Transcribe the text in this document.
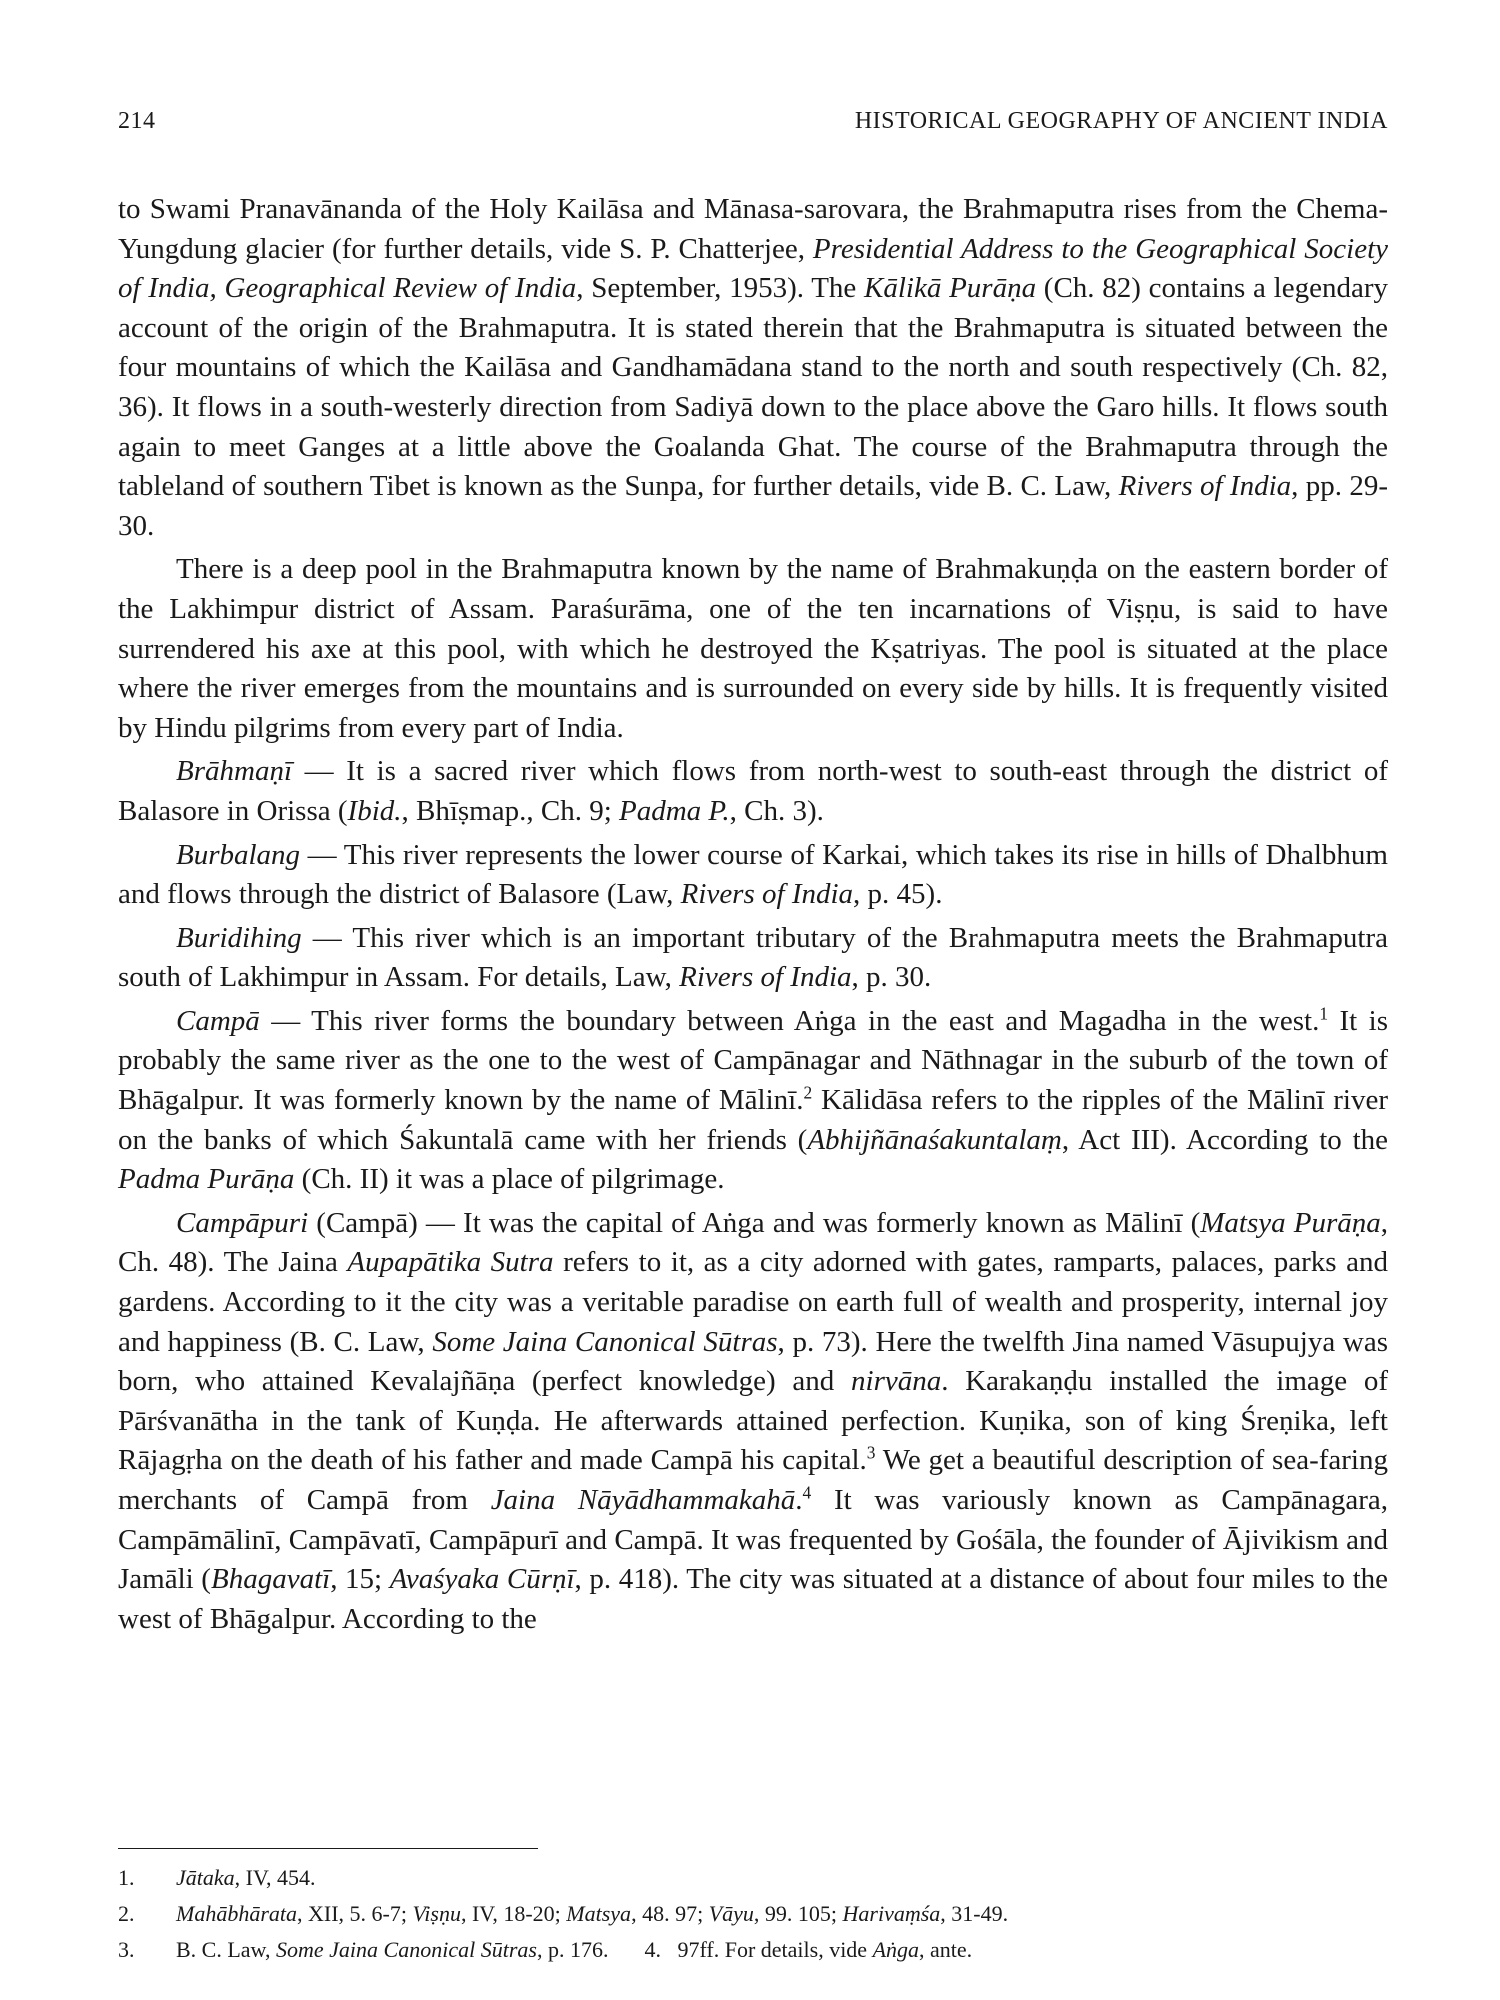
214	HISTORICAL GEOGRAPHY OF ANCIENT INDIA

to Swami Pranavānanda of the Holy Kailāsa and Mānasa-sarovara, the Brahmaputra rises from the Chema-Yungdung glacier (for further details, vide S. P. Chatterjee, Presidential Address to the Geographical Society of India, Geographical Review of India, September, 1953). The Kālikā Purāṇa (Ch. 82) contains a legendary account of the origin of the Brahmaputra. It is stated therein that the Brahmaputra is situated between the four mountains of which the Kailāsa and Gandhamādana stand to the north and south respectively (Ch. 82, 36). It flows in a south-westerly direction from Sadiyā down to the place above the Garo hills. It flows south again to meet Ganges at a little above the Goalanda Ghat. The course of the Brahmaputra through the tableland of southern Tibet is known as the Sunpa, for further details, vide B. C. Law, Rivers of India, pp. 29-30.

There is a deep pool in the Brahmaputra known by the name of Brahmakuṇḍa on the eastern border of the Lakhimpur district of Assam. Paraśurāma, one of the ten incarnations of Viṣṇu, is said to have surrendered his axe at this pool, with which he destroyed the Kṣatriyas. The pool is situated at the place where the river emerges from the mountains and is surrounded on every side by hills. It is frequently visited by Hindu pilgrims from every part of India.

Brāhmaṇī — It is a sacred river which flows from north-west to south-east through the district of Balasore in Orissa (Ibid., Bhīṣmap., Ch. 9; Padma P., Ch. 3).

Burbalang — This river represents the lower course of Karkai, which takes its rise in hills of Dhalbhum and flows through the district of Balasore (Law, Rivers of India, p. 45).

Buridihing — This river which is an important tributary of the Brahmaputra meets the Brahmaputra south of Lakhimpur in Assam. For details, Law, Rivers of India, p. 30.

Campā — This river forms the boundary between Aṅga in the east and Magadha in the west.$^1$ It is probably the same river as the one to the west of Campānagar and Nāthnagar in the suburb of the town of Bhāgalpur. It was formerly known by the name of Mālinī.$^2$ Kālidāsa refers to the ripples of the Mālinī river on the banks of which Śakuntalā came with her friends (Abhijñānaśakuntalaṃ, Act III). According to the Padma Purāṇa (Ch. II) it was a place of pilgrimage.

Campāpuri (Campā) — It was the capital of Aṅga and was formerly known as Mālinī (Matsya Purāṇa, Ch. 48). The Jaina Aupapātika Sutra refers to it, as a city adorned with gates, ramparts, palaces, parks and gardens. According to it the city was a veritable paradise on earth full of wealth and prosperity, internal joy and happiness (B. C. Law, Some Jaina Canonical Sūtras, p. 73). Here the twelfth Jina named Vāsupujya was born, who attained Kevalajñāṇa (perfect knowledge) and nirvāna. Karakaṇḍu installed the image of Pārśvanātha in the tank of Kuṇḍa. He afterwards attained perfection. Kuṇika, son of king Śreṇika, left Rājagṛha on the death of his father and made Campā his capital.$^3$ We get a beautiful description of sea-faring merchants of Campā from Jaina Nāyādhammakahā.$^4$ It was variously known as Campānagara, Campāmālinī, Campāvatī, Campāpurī and Campā. It was frequented by Gośāla, the founder of Ājivikism and Jamāli (Bhagavatī, 15; Avaśyaka Cūrṇī, p. 418). The city was situated at a distance of about four miles to the west of Bhāgalpur. According to the

1. Jātaka, IV, 454.
2. Mahābhārata, XII, 5. 6-7; Viṣṇu, IV, 18-20; Matsya, 48. 97; Vāyu, 99. 105; Harivaṃśa, 31-49.
3. B. C. Law, Some Jaina Canonical Sūtras, p. 176. 4. 97ff. For details, vide Aṅga, ante.
